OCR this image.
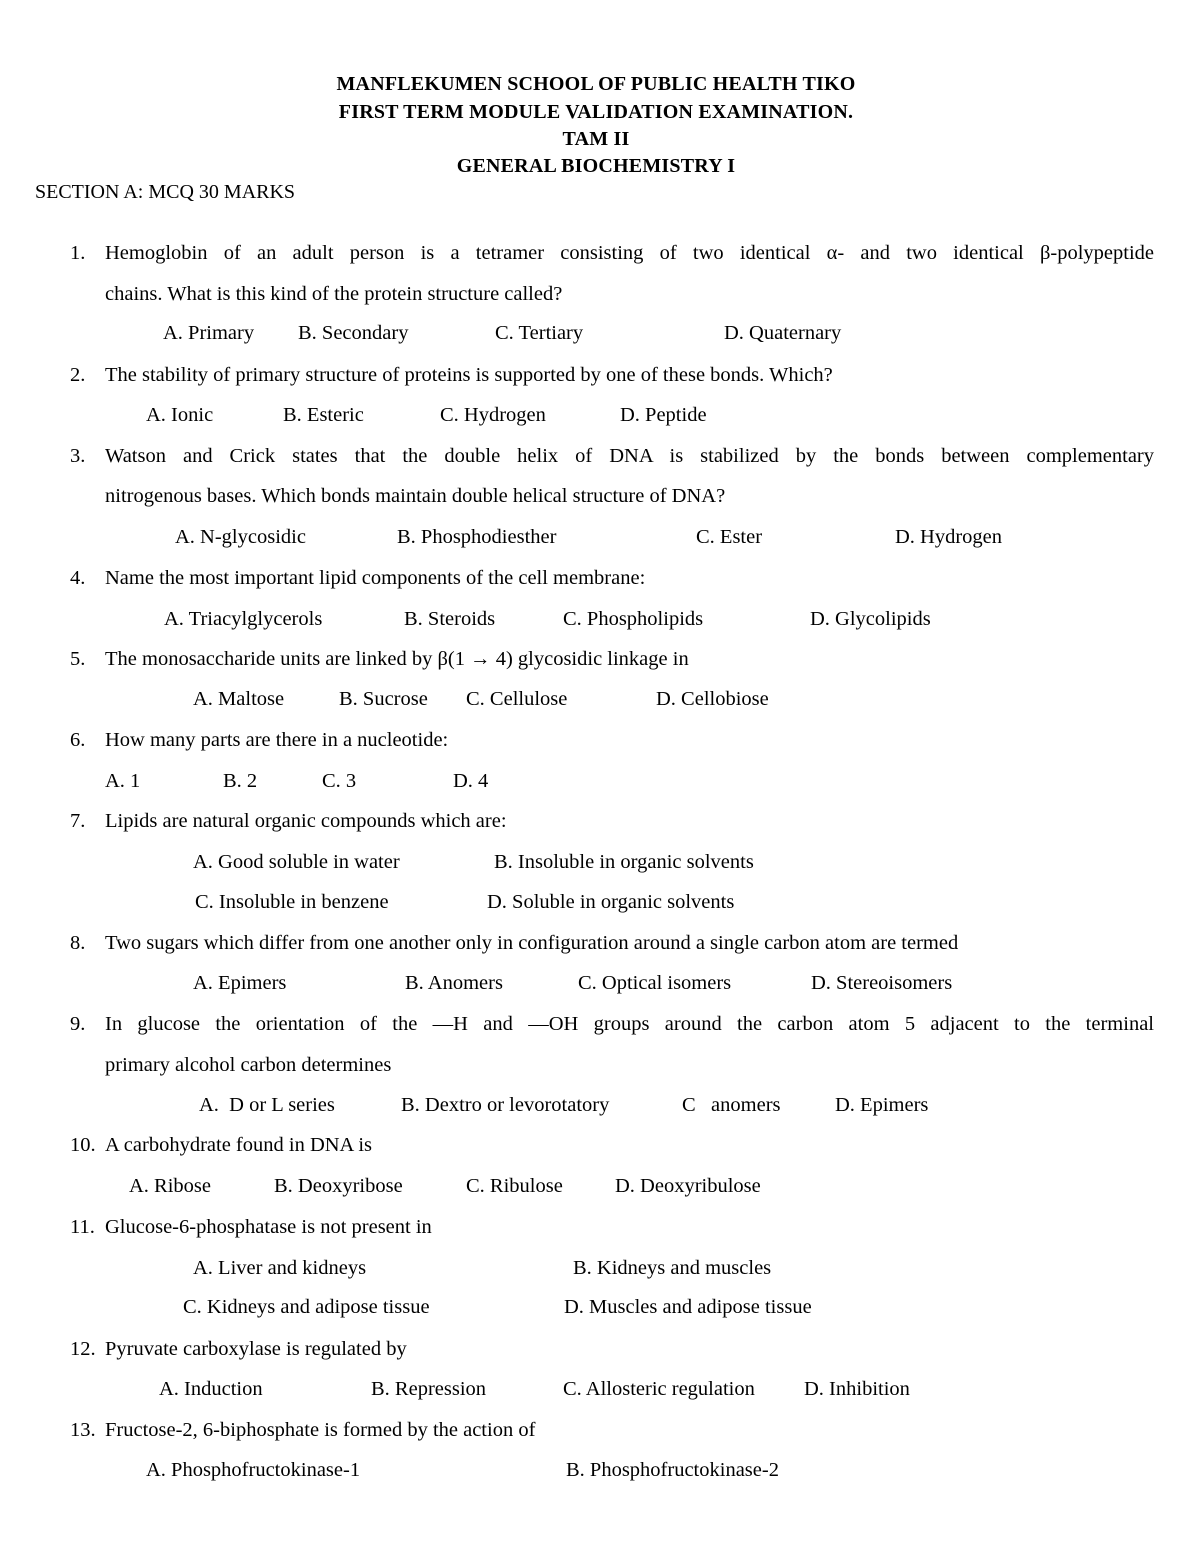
MANFLEKUMEN SCHOOL OF PUBLIC HEALTH TIKO
FIRST TERM MODULE VALIDATION EXAMINATION.
TAM II
GENERAL BIOCHEMISTRY I
SECTION A: MCQ 30 MARKS
1. Hemoglobin of an adult person is a tetramer consisting of two identical α- and two identical β-polypeptide
chains. What is this kind of the protein structure called?
A. Primary B. Secondary	C. Tertiary	D. Quaternary
2. The stability of primary structure of proteins is supported by one of these bonds. Which?
A. Ionic	B. Esteric	C. Hydrogen	D. Peptide
3. Watson and Crick states that the double helix of DNA is stabilized by the bonds between complementary
nitrogenous bases. Which bonds maintain double helical structure of DNA?
A. N-glycosidic	B. Phosphodiesther	C. Ester	D. Hydrogen
4. Name the most important lipid components of the cell membrane:
A. Triacylglycerols	B. Steroids	C. Phospholipids	D. Glycolipids
5. The monosaccharide units are linked by β(1 → 4) glycosidic linkage in
A. Maltose	B. Sucrose C. Cellulose	D. Cellobiose
6. How many parts are there in a nucleotide:
A. 1	B. 2	C. 3	D. 4
7. Lipids are natural organic compounds which are:
A. Good soluble in water	B. Insoluble in organic solvents
C. Insoluble in benzene	D. Soluble in organic solvents
8. Two sugars which differ from one another only in configuration around a single carbon atom are termed
A. Epimers	B. Anomers	C. Optical isomers	D. Stereoisomers
9. In glucose the orientation of the —H and —OH groups around the carbon atom 5 adjacent to the terminal
primary alcohol carbon determines
A.  D or L series	B. Dextro or levorotatory	C   anomers	D. Epimers
10. A carbohydrate found in DNA is
A. Ribose	B. Deoxyribose	C. Ribulose	D. Deoxyribulose
11. Glucose-6-phosphatase is not present in
A. Liver and kidneys	B. Kidneys and muscles
C. Kidneys and adipose tissue	D. Muscles and adipose tissue
12. Pyruvate carboxylase is regulated by
A. Induction	B. Repression	C. Allosteric regulation D. Inhibition
13. Fructose-2, 6-biphosphate is formed by the action of
A. Phosphofructokinase-1	B. Phosphofructokinase-2
